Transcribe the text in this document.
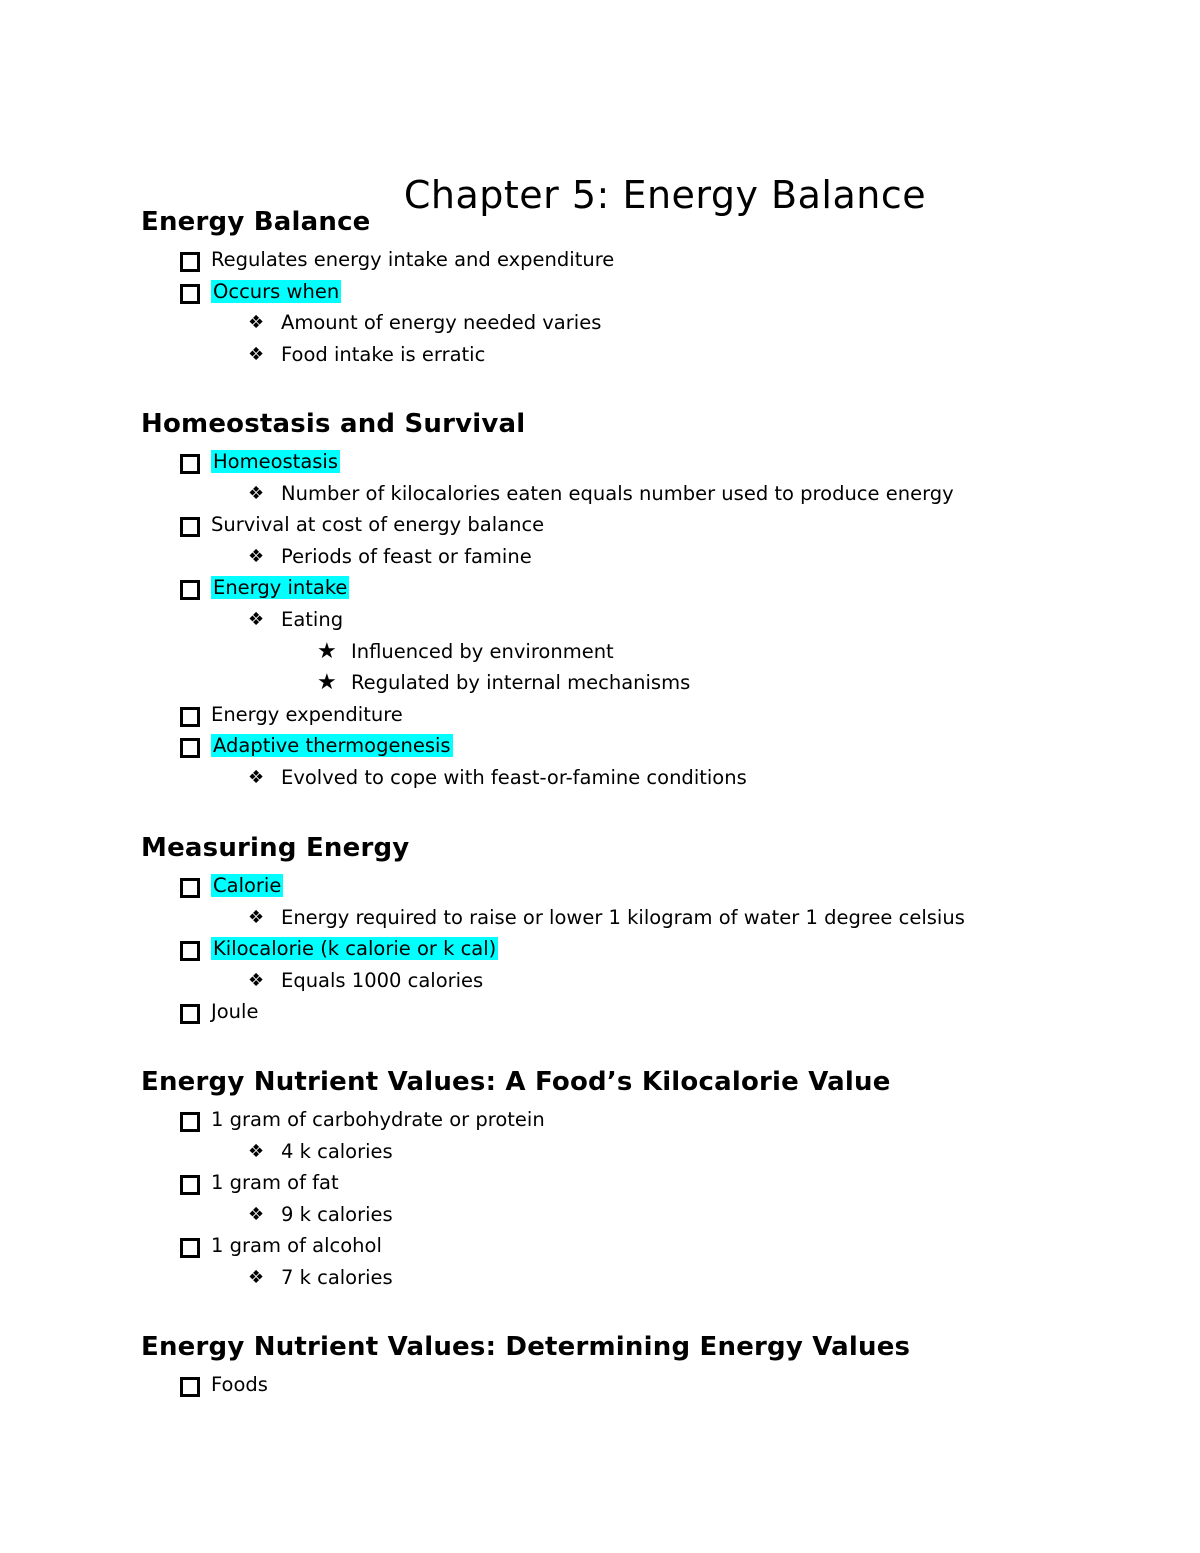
Chapter 5: Energy Balance
Energy Balance
Regulates energy intake and expenditure
Occurs when
❖ Amount of energy needed varies
❖ Food intake is erratic
Homeostasis and Survival
Homeostasis
❖ Number of kilocalories eaten equals number used to produce energy
Survival at cost of energy balance
❖ Periods of feast or famine
Energy intake
❖ Eating
★ Influenced by environment
★ Regulated by internal mechanisms
Energy expenditure
Adaptive thermogenesis
❖ Evolved to cope with feast-or-famine conditions
Measuring Energy
Calorie
❖ Energy required to raise or lower 1 kilogram of water 1 degree celsius
Kilocalorie (k calorie or k cal)
❖ Equals 1000 calories
Joule
Energy Nutrient Values: A Food’s Kilocalorie Value
1 gram of carbohydrate or protein
❖ 4 k calories
1 gram of fat
❖ 9 k calories
1 gram of alcohol
❖ 7 k calories
Energy Nutrient Values: Determining Energy Values
Foods
